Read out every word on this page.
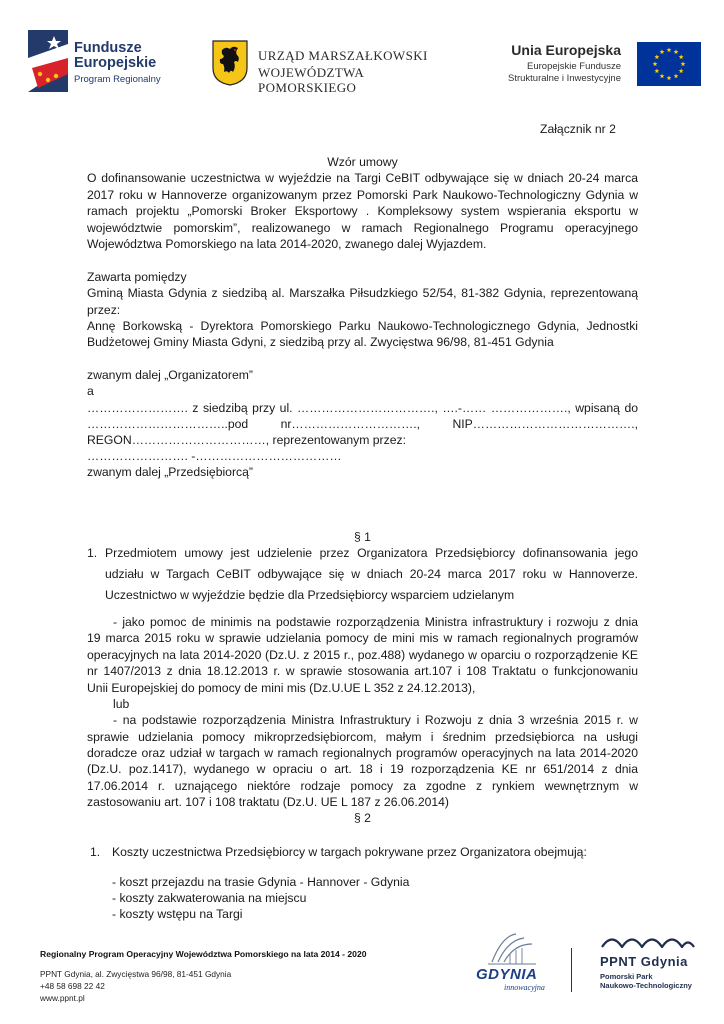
Fundusze
Europejskie
Program Regionalny
URZĄD MARSZAŁKOWSKI
WOJEWÓDZTWA POMORSKIEGO
Unia Europejska
Europejskie Fundusze
Strukturalne i Inwestycyjne
Załącznik nr 2
Wzór umowy
O dofinansowanie uczestnictwa w wyjeździe na Targi CeBIT odbywające się w dniach 20-24 marca
2017 roku w Hannoverze organizowanym przez Pomorski Park Naukowo-Technologiczny Gdynia w
ramach projektu „Pomorski Broker Eksportowy . Kompleksowy system wspierania eksportu w
województwie pomorskim”, realizowanego w ramach Regionalnego Programu operacyjnego
Województwa Pomorskiego na lata 2014-2020, zwanego dalej Wyjazdem.
Zawarta pomiędzy
Gminą Miasta Gdynia z siedzibą al. Marszałka Piłsudzkiego 52/54, 81-382 Gdynia, reprezentowaną
przez:
Annę Borkowską - Dyrektora Pomorskiego Parku Naukowo-Technologicznego Gdynia, Jednostki
Budżetowej Gminy Miasta Gdyni, z siedzibą przy al. Zwycięstwa 96/98, 81-451 Gdynia
zwanym dalej „Organizatorem”
a
……………………. z siedzibą przy ul. ……………………………., ….-…… ………………., wpisaną do
……………………………..pod nr…………………………., NIP………………………………….,
REGON……………………………, reprezentowanym przez:
……………………. -………………………………
zwanym dalej „Przedsiębiorcą”
§ 1
1. Przedmiotem umowy jest udzielenie przez Organizatora Przedsiębiorcy dofinansowania jego
udziału w Targach CeBIT odbywające się w dniach 20-24 marca 2017 roku w Hannoverze.
Uczestnictwo w wyjeździe będzie dla Przedsiębiorcy wsparciem udzielanym
- jako pomoc de minimis na podstawie rozporządzenia Ministra infrastruktury i rozwoju z dnia
19 marca 2015 roku w sprawie udzielania pomocy de mini mis w ramach regionalnych programów
operacyjnych na lata 2014-2020 (Dz.U. z 2015 r., poz.488) wydanego w oparciu o rozporządzenie KE
nr 1407/2013 z dnia 18.12.2013 r. w sprawie stosowania art.107 i 108 Traktatu o funkcjonowaniu
Unii Europejskiej do pomocy de mini mis (Dz.U.UE L 352 z 24.12.2013),
lub
- na podstawie rozporządzenia Ministra Infrastruktury i Rozwoju z dnia 3 września 2015 r. w
sprawie udzielania pomocy mikroprzedsiębiorcom, małym i średnim przedsiębiorca na usługi
doradcze oraz udział w targach w ramach regionalnych programów operacyjnych na lata 2014-2020
(Dz.U. poz.1417), wydanego w opraciu o art. 18 i 19 rozporządzenia KE nr 651/2014 z dnia
17.06.2014 r. uznającego niektóre rodzaje pomocy za zgodne z rynkiem wewnętrznym w
zastosowaniu art. 107 i 108 traktatu (Dz.U. UE L 187 z 26.06.2014)
§ 2
1. Koszty uczestnictwa Przedsiębiorcy w targach pokrywane przez Organizatora obejmują:
- koszt przejazdu na trasie Gdynia - Hannover - Gdynia
- koszty zakwaterowania na miejscu
- koszty wstępu na Targi
Regionalny Program Operacyjny Województwa Pomorskiego na lata 2014 - 2020
PPNT Gdynia, al. Zwycięstwa 96/98, 81-451 Gdynia
+48 58 698 22 42
www.ppnt.pl
GDYNIA
innowacyjna
PPNT Gdynia
Pomorski Park
Naukowo-Technologiczny
